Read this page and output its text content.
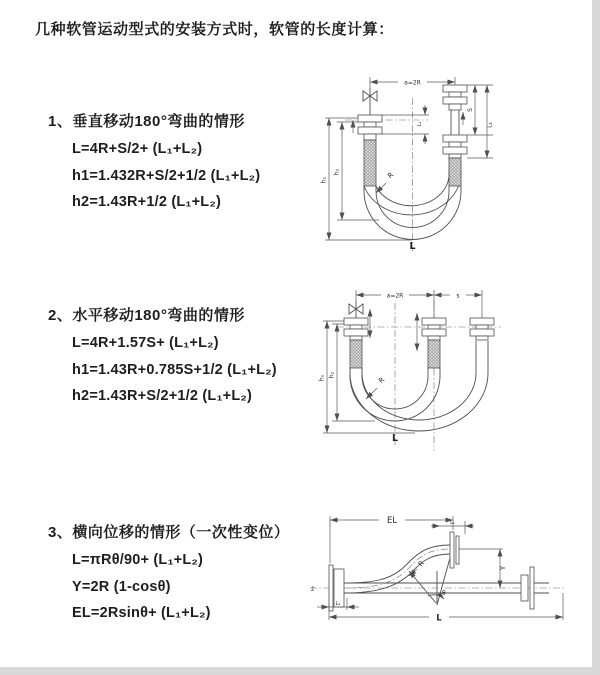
几种软管运动型式的安装方式时，软管的长度计算：
1、垂直移动180°弯曲的情形
L=4R+S/2+ (L₁+L₂)
h1=1.432R+S/2+1/2 (L₁+L₂)
h2=1.43R+1/2 (L₁+L₂)
2、水平移动180°弯曲的情形
L=4R+1.57S+ (L₁+L₂)
h1=1.43R+0.785S+1/2 (L₁+L₂)
h2=1.43R+S/2+1/2 (L₁+L₂)
3、横向位移的情形（一次性变位）
L=πRθ/90+ (L₁+L₂)
Y=2R (1-cosθ)
EL=2Rsinθ+ (L₁+L₂)
a=2R
S
L₁
L₁
h₁
h₂	R
L
a=2R	s
h₁ h₂
R
L
EL	L₁
Y
θ
R
L
L₂
z̄
